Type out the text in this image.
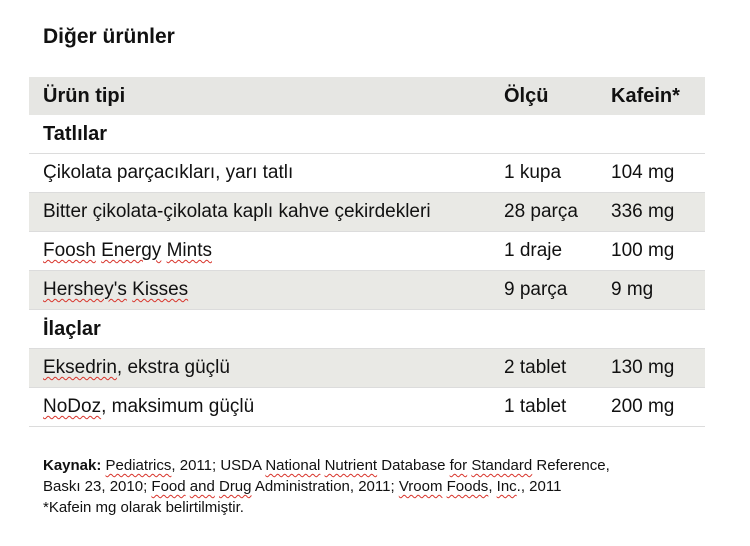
Diğer ürünler
Ürün tipi	Ölçü	Kafein*
Tatlılar		
Çikolata parçacıkları, yarı tatlı	1 kupa	104 mg
Bitter çikolata-çikolata kaplı kahve çekirdekleri	28 parça	336 mg
Foosh Energy Mints	1 draje	100 mg
Hershey's Kisses	9 parça	9 mg
İlaçlar		
Eksedrin, ekstra güçlü	2 tablet	130 mg
NoDoz, maksimum güçlü	1 tablet	200 mg
Kaynak: Pediatrics, 2011; USDA National Nutrient Database for Standard Reference,
Baskı 23, 2010; Food and Drug Administration, 2011; Vroom Foods, Inc., 2011
*Kafein mg olarak belirtilmiştir.
